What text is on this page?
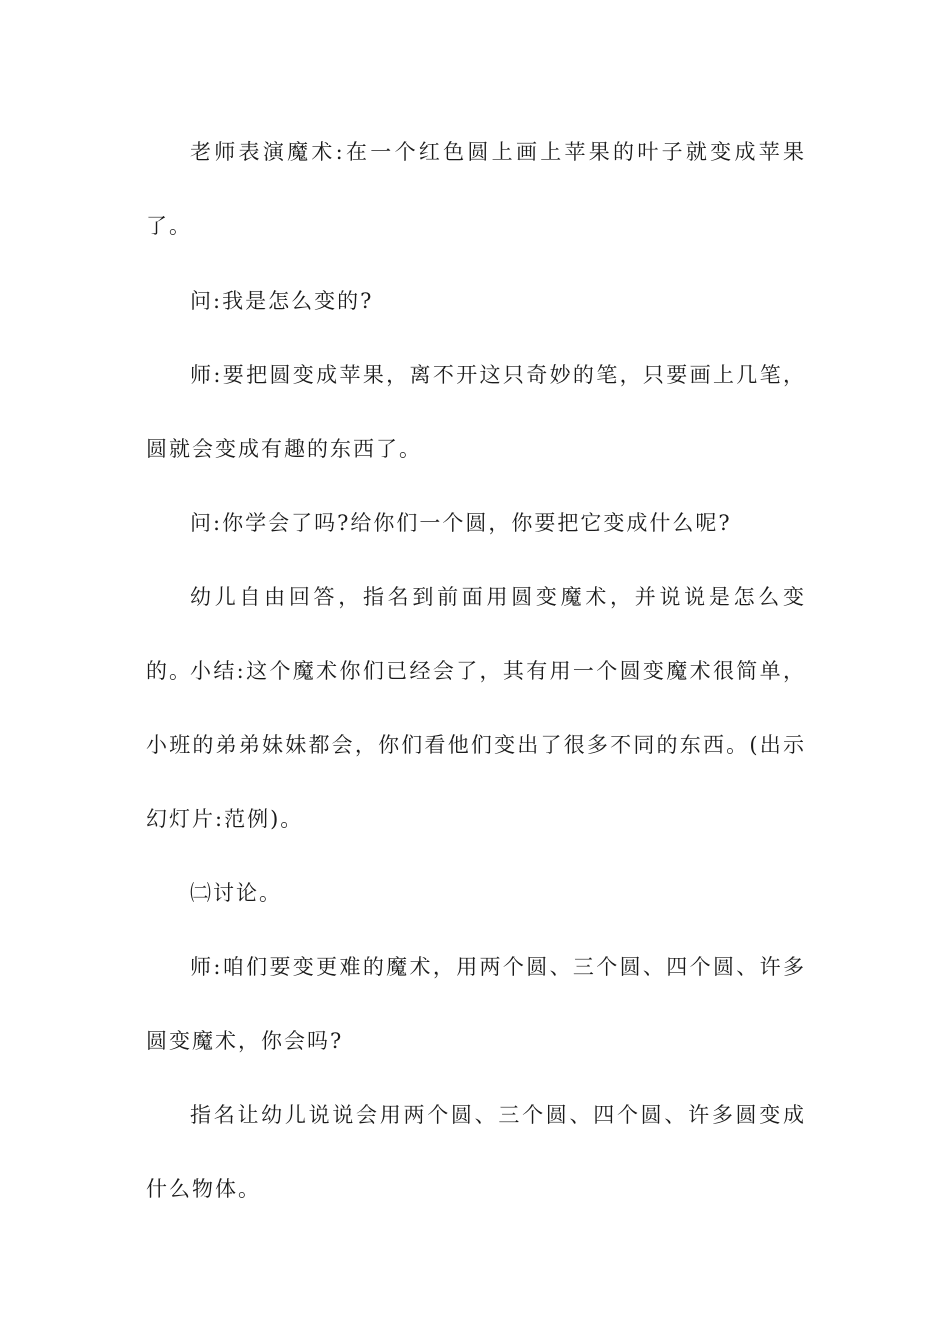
老师表演魔术:在一个红色圆上画上苹果的叶子就变成苹果了。

问:我是怎么变的?

师:要把圆变成苹果，离不开这只奇妙的笔，只要画上几笔，圆就会变成有趣的东西了。

问:你学会了吗?给你们一个圆，你要把它变成什么呢?

幼儿自由回答，指名到前面用圆变魔术，并说说是怎么变的。

小结:这个魔术你们已经会了，其有用一个圆变魔术很简单，小班的弟弟妹妹都会，你们看他们变出了很多不同的东西。(出示幻灯片:范例)。

㈡讨论。

师:咱们要变更难的魔术，用两个圆、三个圆、四个圆、许多圆变魔术，你会吗?

指名让幼儿说说会用两个圆、三个圆、四个圆、许多圆变成什么物体。
